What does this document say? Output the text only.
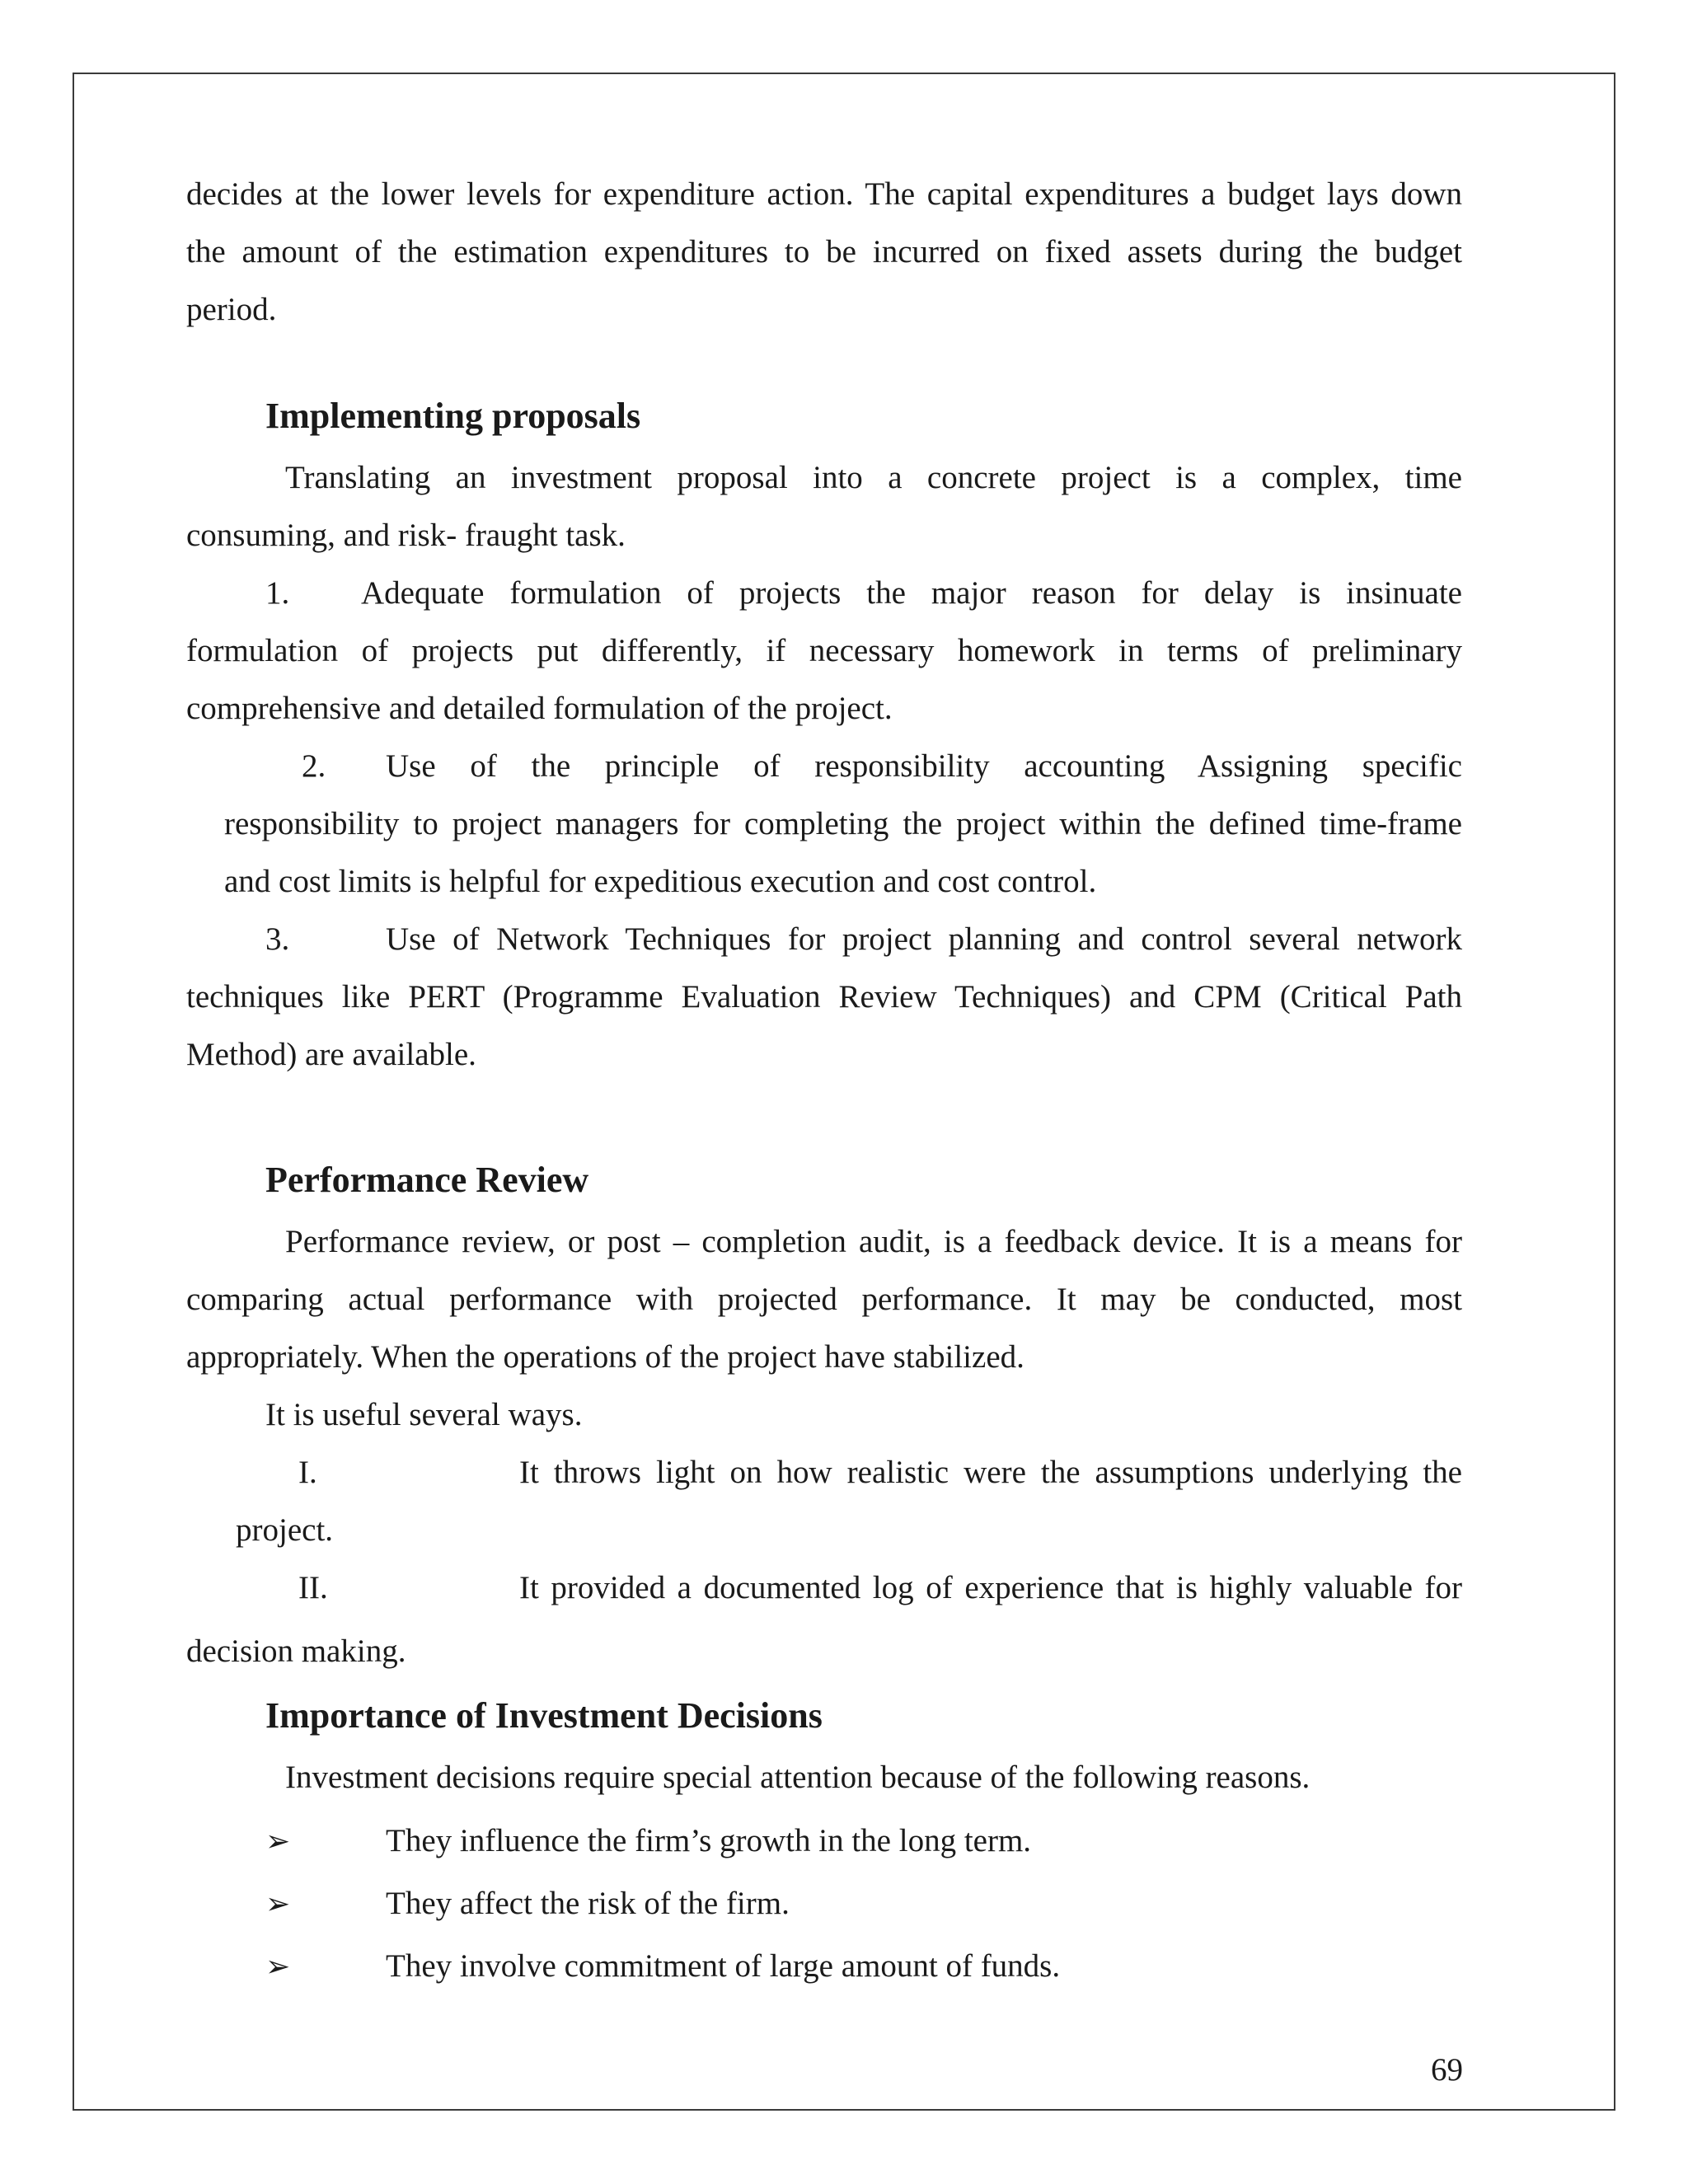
decides at the lower levels for expenditure action. The capital expenditures a budget lays down
the amount of the estimation expenditures to be incurred on fixed assets during the budget
period.
Implementing proposals
Translating an investment proposal into a concrete project is a complex, time
consuming, and risk- fraught task.
1. Adequate formulation of projects the major reason for delay is insinuate
formulation of projects put differently, if necessary homework in terms of preliminary
comprehensive and detailed formulation of the project.
2. Use of the principle of responsibility accounting Assigning specific
responsibility to project managers for completing the project within the defined time-frame
and cost limits is helpful for expeditious execution and cost control.
3.	Use of Network Techniques for project planning and control several network
techniques like PERT (Programme Evaluation Review Techniques) and CPM (Critical Path
Method) are available.
Performance Review
Performance review, or post – completion audit, is a feedback device. It is a means for
comparing actual performance with projected performance. It may be conducted, most
appropriately. When the operations of the project have stabilized.
It is useful several ways.
I.	It throws light on how realistic were the assumptions underlying the
project.
II.	It provided a documented log of experience that is highly valuable for
decision making.
Importance of Investment Decisions
Investment decisions require special attention because of the following reasons.
➢	They influence the firm’s growth in the long term.
➢	They affect the risk of the firm.
➢	They involve commitment of large amount of funds.
69
